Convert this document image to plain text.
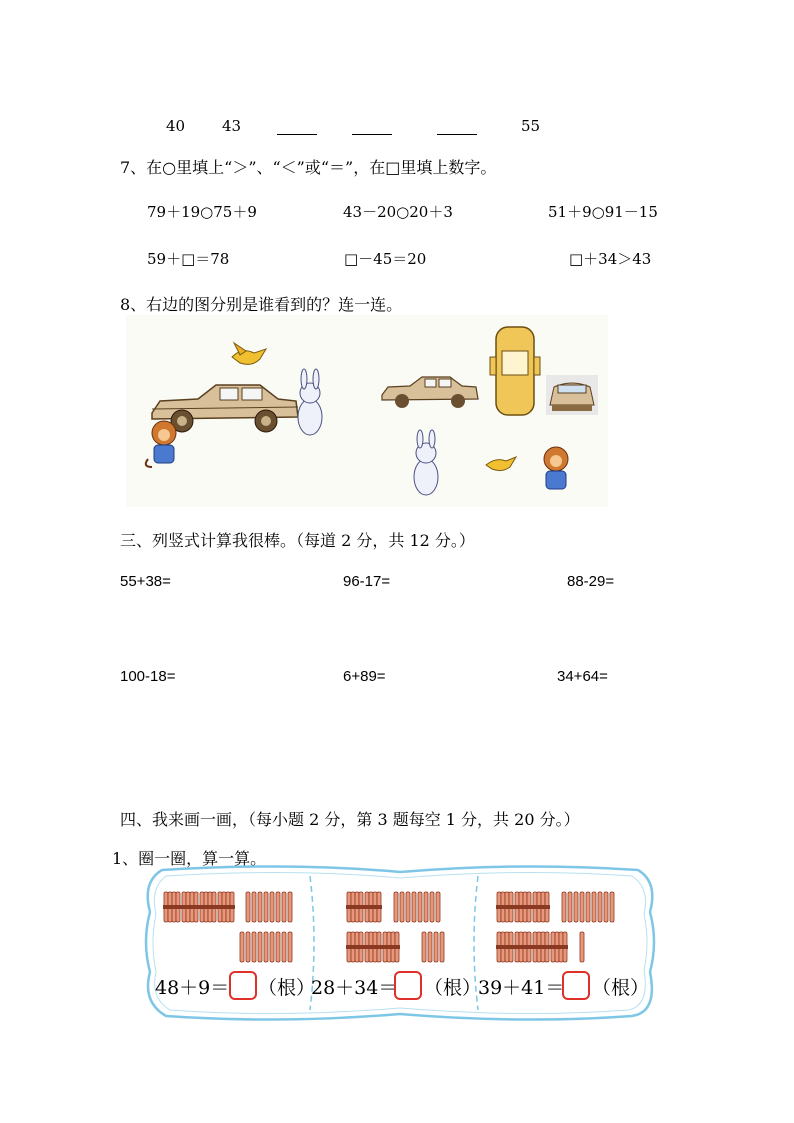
40 43	55
7、在○里填上“＞”、“＜”或“＝”，在□里填上数字。
79＋19○75＋9	43－20○20＋3	51＋9○91－15
59＋□＝78	□－45＝20	□＋34＞43
8、右边的图分别是谁看到的？连一连。
三、列竖式计算我很棒。（每道 2 分，共 12 分。）
55+38=	96-17=	88-29=
100-18=	6+89=	34+64=
四、我来画一画，（每小题 2 分，第 3 题每空 1 分，共 20 分。）
1、圈一圈，算一算。
48＋9＝ （根）
28＋34＝ （根）
39＋41＝ （根）
